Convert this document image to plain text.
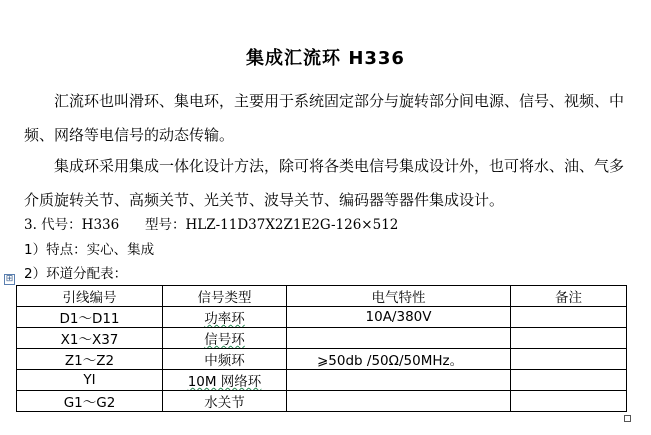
集成汇流环 H336

汇流环也叫滑环、集电环，主要用于系统固定部分与旋转部分间电源、信号、视频、中频、网络等电信号的动态传输。

集成环采用集成一体化设计方法，除可将各类电信号集成设计外，也可将水、油、气多介质旋转关节、高频关节、光关节、波导关节、编码器等器件集成设计。

3. 代号：H336      型号：HLZ-11D37X2Z1E2G-126×512
1）特点：实心、集成
2）环道分配表：
⊞
引线编号	信号类型	电气特性	备注
D1～D11	功率环	10A/380V	
X1～X37	信号环		
Z1～Z2	中频环	⩾50db /50Ω/50MHz。	
YI	10M 网络环		
G1～G2	水关节		
